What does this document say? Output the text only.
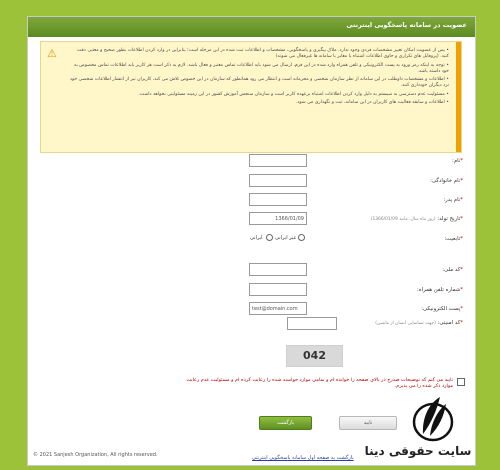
عضویت در سامانه پاسخگویی اینترنتی
⚠
•	پس از عضویت امکان تغییر مشخصات فردی وجود ندارد. ملاک پیگیری و پاسخگویی، مشخصات و اطلاعات ثبت شده در این مرحله است؛ بنابراین در وارد کردن اطلاعات بطور صحیح و معتبر، دقت کنید. (پروفایل های تکراری و حاوی اطلاعات اشتباه یا مغایر با سامانه ها غیرفعال می شوند)
• توجه به اینکه رمز ورود به پست الکترونیکی و تلفن همراه وارد شده در این فرم، ارسال می شود باید اطلاعات تماس معتبر و فعال باشد. لازم به ذکر است هر کاربر باید اطلاعات تماس مخصوص به خود داشته باشد.
• اطلاعات و مشخصات داوطلب در این سامانه از نظر سازمان شخصی و محرمانه است و انتظار می رود همانطور که سازمان در این خصوص تلاش می کند، کاربران نیز از انتشار اطلاعات شخصی خود نزد دیگران خودداری کنند.
• مسئولیت عدم دسترسی به سیستم به دلیل وارد کردن اطلاعات اشتباه برعهده کاربر است و سازمان سنجش آموزش کشور در این زمینه مسئولیتی نخواهد داشت.
• اطلاعات و سابقه فعالیت های کاربران در این سامانه، ثبت و نگهداری می شود.
*نام:
*نام خانوادگی:
*نام پدر:
*تاریخ تولد: (روز ماه سال، مانند 1366/01/09)
1366/01/09
*تابعیت:
غیر ایرانی ایرانی
*کد ملی:
*شماره تلفن همراه:
*پست الکترونیکی:
test@domain.com
*کد امنیتی: (جهت شناسایی انسان از ماشین)
042
تایید می کنم که توضیحات صدرج در بالای صفحه را خوانده ام و تمامی موارد خواسته شده را رعایت کرده ام و مسئولیت عدم رعایت موارد ذکر شده را می پذیرم.
بازگشت	تایید
بازگشت به صفحه اول سامانه پاسخگویی اینترنتی
© 2021 Sanjesh Organization, All rights reserved.	سایت حقوقی دینا
